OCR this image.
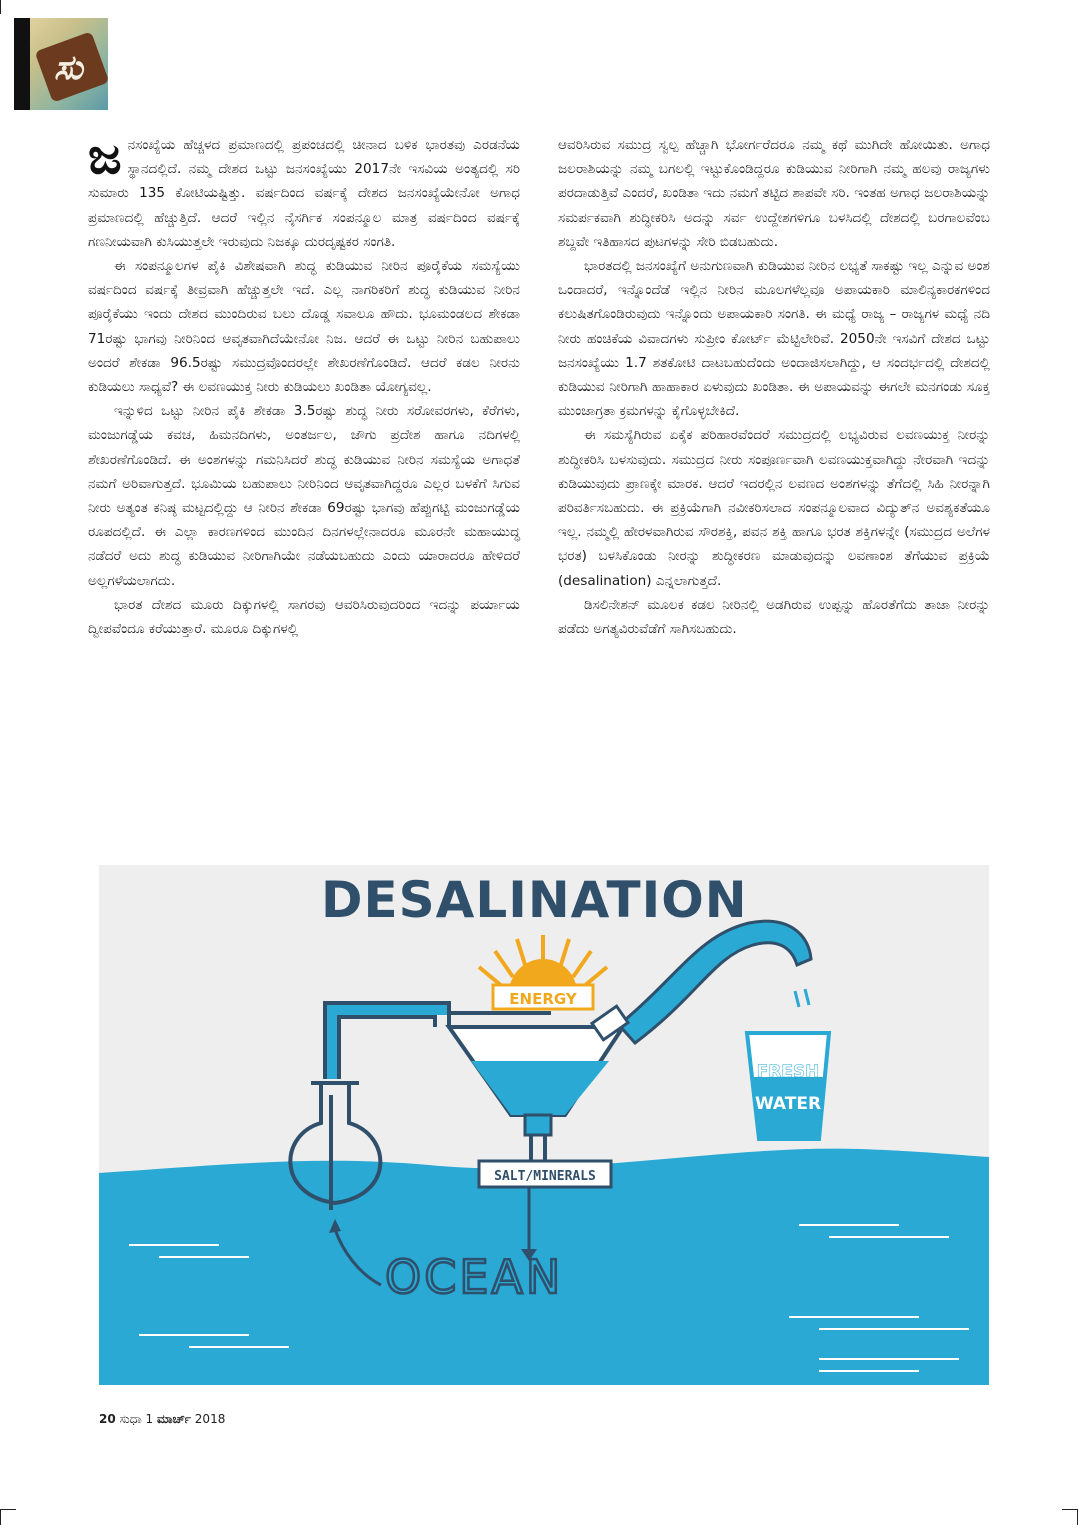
ಸು

ಜನಸಂಖ್ಯೆಯ ಹೆಚ್ಚಳದ ಪ್ರಮಾಣದಲ್ಲಿ ಪ್ರಪಂಚದಲ್ಲಿ ಚೀನಾದ ಬಳಿಕ ಭಾರತವು ಎರಡನೆಯ ಸ್ಥಾನದಲ್ಲಿದೆ. ನಮ್ಮ ದೇಶದ ಒಟ್ಟು ಜನಸಂಖ್ಯೆಯು 2017ನೇ ಇಸವಿಯ ಅಂತ್ಯದಲ್ಲಿ ಸರಿ ಸುಮಾರು 135 ಕೋಟಿಯಷ್ಟಿತ್ತು. ವರ್ಷದಿಂದ ವರ್ಷಕ್ಕೆ ದೇಶದ ಜನಸಂಖ್ಯೆಯೇನೋ ಅಗಾಧ ಪ್ರಮಾಣದಲ್ಲಿ ಹೆಚ್ಚುತ್ತಿದೆ. ಆದರೆ ಇಲ್ಲಿನ ನೈಸರ್ಗಿಕ ಸಂಪನ್ಮೂಲ ಮಾತ್ರ ವರ್ಷದಿಂದ ವರ್ಷಕ್ಕೆ ಗಣನೀಯವಾಗಿ ಕುಸಿಯುತ್ತಲೇ ಇರುವುದು ನಿಜಕ್ಕೂ ದುರದೃಷ್ಟಕರ ಸಂಗತಿ.

ಈ ಸಂಪನ್ಮೂಲಗಳ ಪೈಕಿ ವಿಶೇಷವಾಗಿ ಶುದ್ಧ ಕುಡಿಯುವ ನೀರಿನ ಪೂರೈಕೆಯ ಸಮಸ್ಯೆಯು ವರ್ಷದಿಂದ ವರ್ಷಕ್ಕೆ ತೀವ್ರವಾಗಿ ಹೆಚ್ಚುತ್ತಲೇ ಇದೆ. ಎಲ್ಲ ನಾಗರಿಕರಿಗೆ ಶುದ್ಧ ಕುಡಿಯುವ ನೀರಿನ ಪೂರೈಕೆಯು ಇಂದು ದೇಶದ ಮುಂದಿರುವ ಬಲು ದೊಡ್ಡ ಸವಾಲೂ ಹೌದು. ಭೂಮಂಡಲದ ಶೇಕಡಾ 71ರಷ್ಟು ಭಾಗವು ನೀರಿನಿಂದ ಆವೃತವಾಗಿದೆಯೇನೋ ನಿಜ. ಆದರೆ ಈ ಒಟ್ಟು ನೀರಿನ ಬಹುಪಾಲು ಅಂದರೆ ಶೇಕಡಾ 96.5ರಷ್ಟು ಸಮುದ್ರವೊಂದರಲ್ಲೇ ಶೇಖರಣೆಗೊಂಡಿದೆ. ಆದರೆ ಕಡಲ ನೀರನು ಕುಡಿಯಲು ಸಾಧ್ಯವೆ? ಈ ಲವಣಯುಕ್ತ ನೀರು ಕುಡಿಯಲು ಖಂಡಿತಾ ಯೋಗ್ಯವಲ್ಲ.

ಇನ್ನುಳಿದ ಒಟ್ಟು ನೀರಿನ ಪೈಕಿ ಶೇಕಡಾ 3.5ರಷ್ಟು ಶುದ್ಧ ನೀರು ಸರೋವರಗಳು, ಕೆರೆಗಳು, ಮಂಜುಗಡ್ಡೆಯ ಕವಚ, ಹಿಮನದಿಗಳು, ಅಂತರ್ಜಲ, ಜೌಗು ಪ್ರದೇಶ ಹಾಗೂ ನದಿಗಳಲ್ಲಿ ಶೇಖರಣೆಗೊಂಡಿದೆ. ಈ ಅಂಶಗಳನ್ನು ಗಮನಿಸಿದರೆ ಶುದ್ಧ ಕುಡಿಯುವ ನೀರಿನ ಸಮಸ್ಯೆಯ ಅಗಾಧತೆ ನಮಗೆ ಅರಿವಾಗುತ್ತದೆ. ಭೂಮಿಯ ಬಹುಪಾಲು ನೀರಿನಿಂದ ಆವೃತವಾಗಿದ್ದರೂ ಎಲ್ಲರ ಬಳಕೆಗೆ ಸಿಗುವ ನೀರು ಅತ್ಯಂತ ಕನಿಷ್ಠ ಮಟ್ಟದಲ್ಲಿದ್ದು ಆ ನೀರಿನ ಶೇಕಡಾ 69ರಷ್ಟು ಭಾಗವು ಹೆಪ್ಪುಗಟ್ಟಿ ಮಂಜುಗಡ್ಡೆಯ ರೂಪದಲ್ಲಿದೆ. ಈ ಎಲ್ಲಾ ಕಾರಣಗಳಿಂದ ಮುಂದಿನ ದಿನಗಳಲ್ಲೇನಾದರೂ ಮೂರನೇ ಮಹಾಯುದ್ಧ ನಡೆದರೆ ಅದು ಶುದ್ಧ ಕುಡಿಯುವ ನೀರಿಗಾಗಿಯೇ ನಡೆಯಬಹುದು ಎಂದು ಯಾರಾದರೂ ಹೇಳಿದರೆ ಅಲ್ಲಗಳೆಯಲಾಗದು.

ಭಾರತ ದೇಶದ ಮೂರು ದಿಕ್ಕುಗಳಲ್ಲಿ ಸಾಗರವು ಆವರಿಸಿರುವುದರಿಂದ ಇದನ್ನು ಪರ್ಯಾಯ ದ್ವೀಪವೆಂದೂ ಕರೆಯುತ್ತಾರೆ. ಮೂರೂ ದಿಕ್ಕುಗಳಲ್ಲಿ

ಆವರಿಸಿರುವ ಸಮುದ್ರ ಸ್ವಲ್ಪ ಹೆಚ್ಚಾಗಿ ಭೋರ್ಗರೆದರೂ ನಮ್ಮ ಕಥೆ ಮುಗಿದೇ ಹೋಯಿತು. ಅಗಾಧ ಜಲರಾಶಿಯನ್ನು ನಮ್ಮ ಬಗಲಲ್ಲಿ ಇಟ್ಟುಕೊಂಡಿದ್ದರೂ ಕುಡಿಯುವ ನೀರಿಗಾಗಿ ನಮ್ಮ ಹಲವು ರಾಜ್ಯಗಳು ಪರದಾಡುತ್ತಿವೆ ಎಂದರೆ, ಖಂಡಿತಾ ಇದು ನಮಗೆ ತಟ್ಟಿದ ಶಾಪವೇ ಸರಿ. ಇಂತಹ ಅಗಾಧ ಜಲರಾಶಿಯನ್ನು ಸಮರ್ಪಕವಾಗಿ ಶುದ್ಧೀಕರಿಸಿ ಅದನ್ನು ಸರ್ವ ಉದ್ದೇಶಗಳಿಗೂ ಬಳಸಿದಲ್ಲಿ ದೇಶದಲ್ಲಿ ಬರಗಾಲವೆಂಬ ಶಬ್ದವೇ ಇತಿಹಾಸದ ಪುಟಗಳನ್ನು ಸೇರಿ ಬಿಡಬಹುದು.

ಭಾರತದಲ್ಲಿ ಜನಸಂಖ್ಯೆಗೆ ಅನುಗುಣವಾಗಿ ಕುಡಿಯುವ ನೀರಿನ ಲಭ್ಯತೆ ಸಾಕಷ್ಟು ಇಲ್ಲ ಎನ್ನುವ ಅಂಶ ಒಂದಾದರೆ, ಇನ್ನೊಂದೆಡೆ ಇಲ್ಲಿನ ನೀರಿನ ಮೂಲಗಳೆಲ್ಲವೂ ಅಪಾಯಕಾರಿ ಮಾಲಿನ್ಯಕಾರಕಗಳಿಂದ ಕಲುಷಿತಗೊಂಡಿರುವುದು ಇನ್ನೊಂದು ಅಪಾಯಕಾರಿ ಸಂಗತಿ. ಈ ಮಧ್ಯೆ ರಾಜ್ಯ – ರಾಜ್ಯಗಳ ಮಧ್ಯೆ ನದಿ ನೀರು ಹಂಚಿಕೆಯ ವಿವಾದಗಳು ಸುಪ್ರೀಂ ಕೋರ್ಟ್ ಮೆಟ್ಟಿಲೇರಿವೆ. 2050ನೇ ಇಸವಿಗೆ ದೇಶದ ಒಟ್ಟು ಜನಸಂಖ್ಯೆಯು 1.7 ಶತಕೋಟಿ ದಾಟಬಹುದೆಂದು ಅಂದಾಜಿಸಲಾಗಿದ್ದು, ಆ ಸಂದರ್ಭದಲ್ಲಿ ದೇಶದಲ್ಲಿ ಕುಡಿಯುವ ನೀರಿಗಾಗಿ ಹಾಹಾಕಾರ ಏಳುವುದು ಖಂಡಿತಾ. ಈ ಅಪಾಯವನ್ನು ಈಗಲೇ ಮನಗಂಡು ಸೂಕ್ತ ಮುಂಜಾಗ್ರತಾ ಕ್ರಮಗಳನ್ನು ಕೈಗೊಳ್ಳಬೇಕಿದೆ.

ಈ ಸಮಸ್ಯೆಗಿರುವ ಏಕೈಕ ಪರಿಹಾರವೆಂದರೆ ಸಮುದ್ರದಲ್ಲಿ ಲಭ್ಯವಿರುವ ಲವಣಯುಕ್ತ ನೀರನ್ನು ಶುದ್ಧೀಕರಿಸಿ ಬಳಸುವುದು. ಸಮುದ್ರದ ನೀರು ಸಂಪೂರ್ಣವಾಗಿ ಲವಣಯುಕ್ತವಾಗಿದ್ದು ನೇರವಾಗಿ ಇದನ್ನು ಕುಡಿಯುವುದು ಪ್ರಾಣಕ್ಕೇ ಮಾರಕ. ಆದರೆ ಇದರಲ್ಲಿನ ಲವಣದ ಅಂಶಗಳನ್ನು ತೆಗೆದಲ್ಲಿ ಸಿಹಿ ನೀರನ್ನಾಗಿ ಪರಿವರ್ತಿಸಬಹುದು. ಈ ಪ್ರಕ್ರಿಯೆಗಾಗಿ ನವೀಕರಿಸಲಾದ ಸಂಪನ್ಮೂಲವಾದ ವಿದ್ಯುತ್‌ನ ಅವಶ್ಯಕತೆಯೂ ಇಲ್ಲ. ನಮ್ಮಲ್ಲಿ ಹೇರಳವಾಗಿರುವ ಸೌರಶಕ್ತಿ, ಪವನ ಶಕ್ತಿ ಹಾಗೂ ಭರತ ಶಕ್ತಿಗಳನ್ನೇ (ಸಮುದ್ರದ ಅಲೆಗಳ ಭರತ) ಬಳಸಿಕೊಂಡು ನೀರನ್ನು ಶುದ್ಧೀಕರಣ ಮಾಡುವುದನ್ನು ಲವಣಾಂಶ ತೆಗೆಯುವ ಪ್ರಕ್ರಿಯೆ (desalination) ಎನ್ನಲಾಗುತ್ತದೆ.

ಡಿಸಲಿನೇಶನ್ ಮೂಲಕ ಕಡಲ ನೀರಿನಲ್ಲಿ ಅಡಗಿರುವ ಉಪ್ಪನ್ನು ಹೊರತೆಗೆದು ತಾಜಾ ನೀರನ್ನು ಪಡೆದು ಅಗತ್ಯವಿರುವೆಡೆಗೆ ಸಾಗಿಸಬಹುದು.

DESALINATION
ENERGY
FRESH
WATER
SALT/MINERALS
OCEAN
20 ಸುಧಾ 1 ಮಾರ್ಚ್ 2018
